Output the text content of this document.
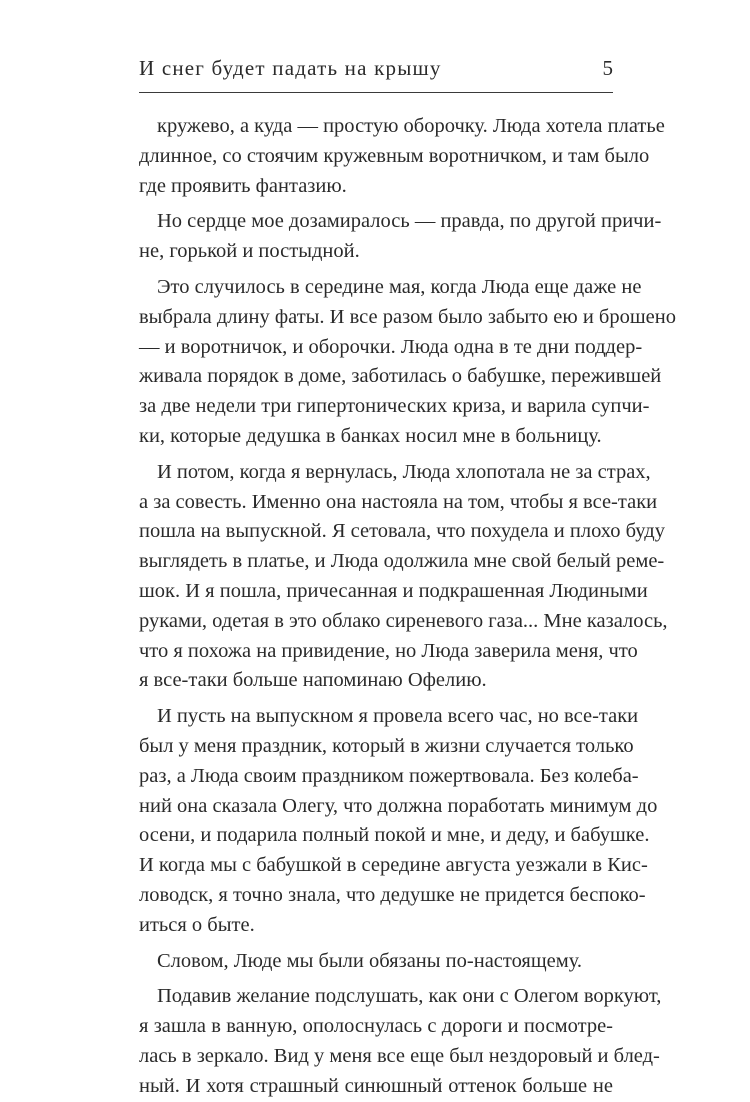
И снег будет падать на крышу	5
кружево, а куда — простую оборочку. Люда хотела платье
длинное, со стоячим кружевным воротничком, и там было
где проявить фантазию.
Но сердце мое дозамиралось — правда, по другой причи-
не, горькой и постыдной.
Это случилось в середине мая, когда Люда еще даже не
выбрала длину фаты. И все разом было забыто ею и брошено
— и воротничок, и оборочки. Люда одна в те дни поддер-
живала порядок в доме, заботилась о бабушке, пережившей
за две недели три гипертонических криза, и варила супчи-
ки, которые дедушка в банках носил мне в больницу.
И потом, когда я вернулась, Люда хлопотала не за страх,
а за совесть. Именно она настояла на том, чтобы я все-таки
пошла на выпускной. Я сетовала, что похудела и плохо буду
выглядеть в платье, и Люда одолжила мне свой белый реме-
шок. И я пошла, причесанная и подкрашенная Людиными
руками, одетая в это облако сиреневого газа... Мне казалось,
что я похожа на привидение, но Люда заверила меня, что
я все-таки больше напоминаю Офелию.
И пусть на выпускном я провела всего час, но все-таки
был у меня праздник, который в жизни случается только
раз, а Люда своим праздником пожертвовала. Без колеба-
ний она сказала Олегу, что должна поработать минимум до
осени, и подарила полный покой и мне, и деду, и бабушке.
И когда мы с бабушкой в середине августа уезжали в Кис-
ловодск, я точно знала, что дедушке не придется беспоко-
иться о быте.
Словом, Люде мы были обязаны по-настоящему.
Подавив желание подслушать, как они с Олегом воркуют,
я зашла в ванную, ополоснулась с дороги и посмотре-
лась в зеркало. Вид у меня все еще был нездоровый и блед-
ный. И хотя страшный синюшный оттенок больше не
